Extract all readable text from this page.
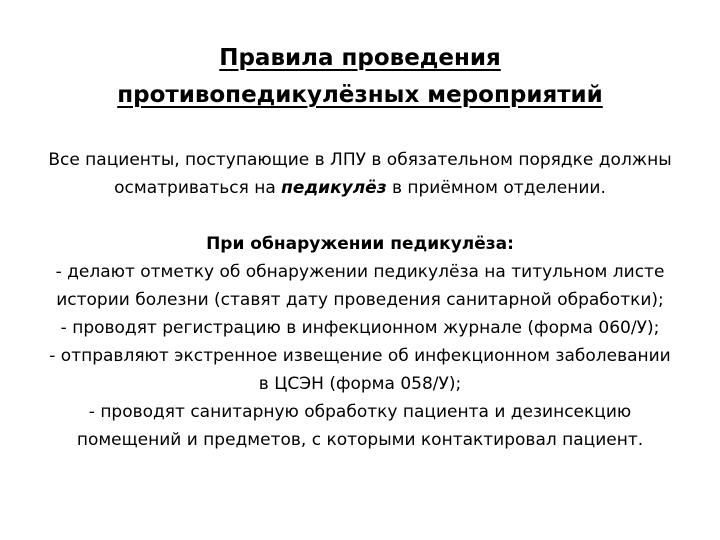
Правила проведения
противопедикулёзных мероприятий

Все пациенты, поступающие в ЛПУ в обязательном порядке должны

осматриваться на педикулёз в приёмном отделении.

При обнаружении педикулёза:

- делают отметку об обнаружении педикулёза на титульном листе

истории болезни (ставят дату проведения санитарной обработки);

- проводят регистрацию в инфекционном журнале (форма 060/У);

- отправляют экстренное извещение об инфекционном заболевании

в ЦСЭН (форма 058/У);

- проводят санитарную обработку пациента и дезинсекцию

помещений и предметов, с которыми контактировал пациент.
